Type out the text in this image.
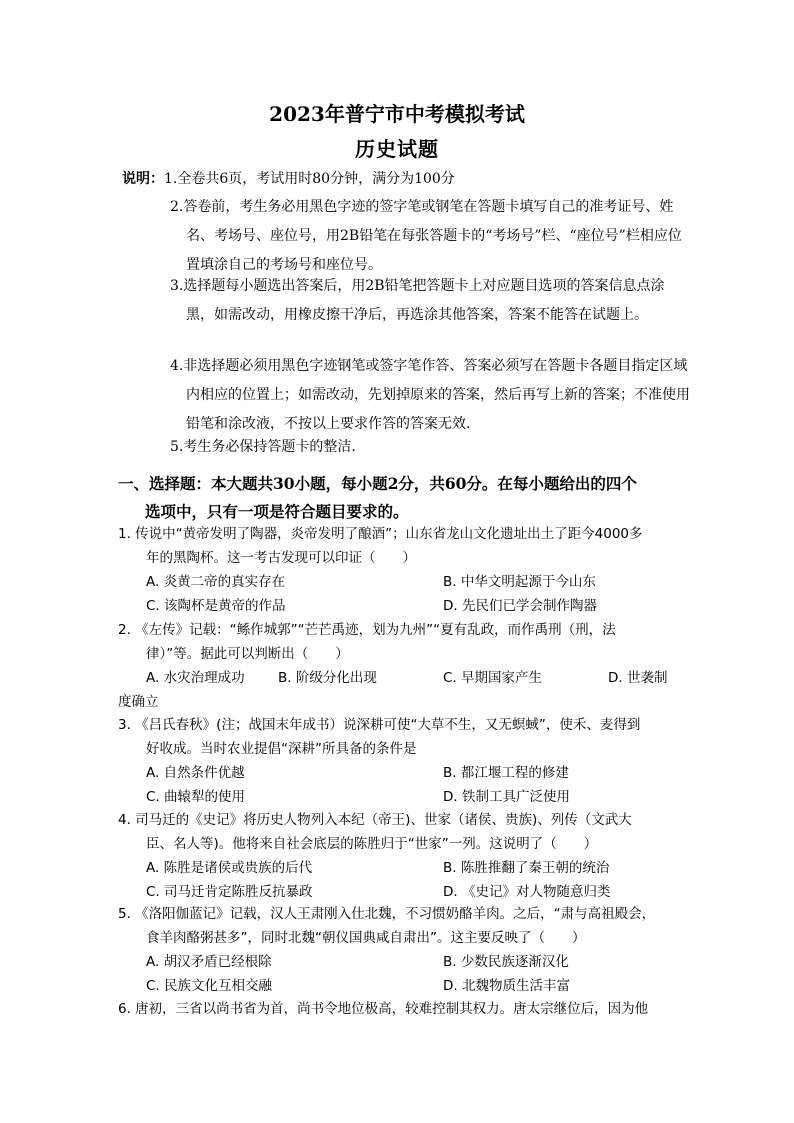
2023年普宁市中考模拟考试
历史试题
说明：1.全卷共6页，考试用时80分钟，满分为100分
2.答卷前，考生务必用黑色字迹的签字笔或钢笔在答题卡填写自己的准考证号、姓名、考场号、座位号，用2B铅笔在每张答题卡的“考场号”栏、“座位号”栏相应位置填涂自己的考场号和座位号。
3.选择题每小题选出答案后，用2B铅笔把答题卡上对应题目选项的答案信息点涂黑，如需改动，用橡皮擦干净后，再选涂其他答案，答案不能答在试题上。
4.非选择题必须用黑色字迹钢笔或签字笔作答、答案必须写在答题卡各题目指定区域内相应的位置上；如需改动，先划掉原来的答案，然后再写上新的答案；不准使用铅笔和涂改液，不按以上要求作答的答案无效.
5.考生务必保持答题卡的整洁.
一、选择题：本大题共30小题，每小题2分，共60分。在每小题给出的四个
选项中，只有一项是符合题目要求的。
1. 传说中“黄帝发明了陶器，炎帝发明了酿酒”；山东省龙山文化遗址出土了距今4000多
年的黑陶杯。这一考古发现可以印证（　　）
A. 炎黄二帝的真实存在	B. 中华文明起源于今山东
C. 该陶杯是黄帝的作品	D. 先民们已学会制作陶器
2. 《左传》记载：“鲧作城郭”“芒芒禹迹，划为九州”“夏有乱政，而作禹刑（刑，法
律）”等。据此可以判断出（　　）
A. 水灾治理成功 B. 阶级分化出现	C. 早期国家产生	D. 世袭制
度确立
3. 《吕氏春秋》(注；战国末年成书）说深耕可使“大草不生，又无螟蜮”，使禾、麦得到
好收成。当时农业提倡“深耕”所具备的条件是
A. 自然条件优越	B. 都江堰工程的修建
C. 曲辕犁的使用	D. 铁制工具广泛使用
4. 司马迁的《史记》将历史人物列入本纪（帝王)、世家（诸侯、贵族)、列传（文武大
臣、名人等)。他将来自社会底层的陈胜归于“世家”一列。这说明了（　　）
A. 陈胜是诸侯或贵族的后代	B. 陈胜推翻了秦王朝的统治
C. 司马迁肯定陈胜反抗暴政	D. 《史记》对人物随意归类
5. 《洛阳伽蓝记》记载，汉人王肃刚入仕北魏，不习惯奶酪羊肉。之后，“肃与高祖殿会，
食羊肉酪粥甚多”，同时北魏“朝仪国典咸自肃出”。这主要反映了（　　）
A. 胡汉矛盾已经根除	B. 少数民族逐渐汉化
C. 民族文化互相交融	D. 北魏物质生活丰富
6. 唐初，三省以尚书省为首，尚书令地位极高，较难控制其权力。唐太宗继位后，因为他
